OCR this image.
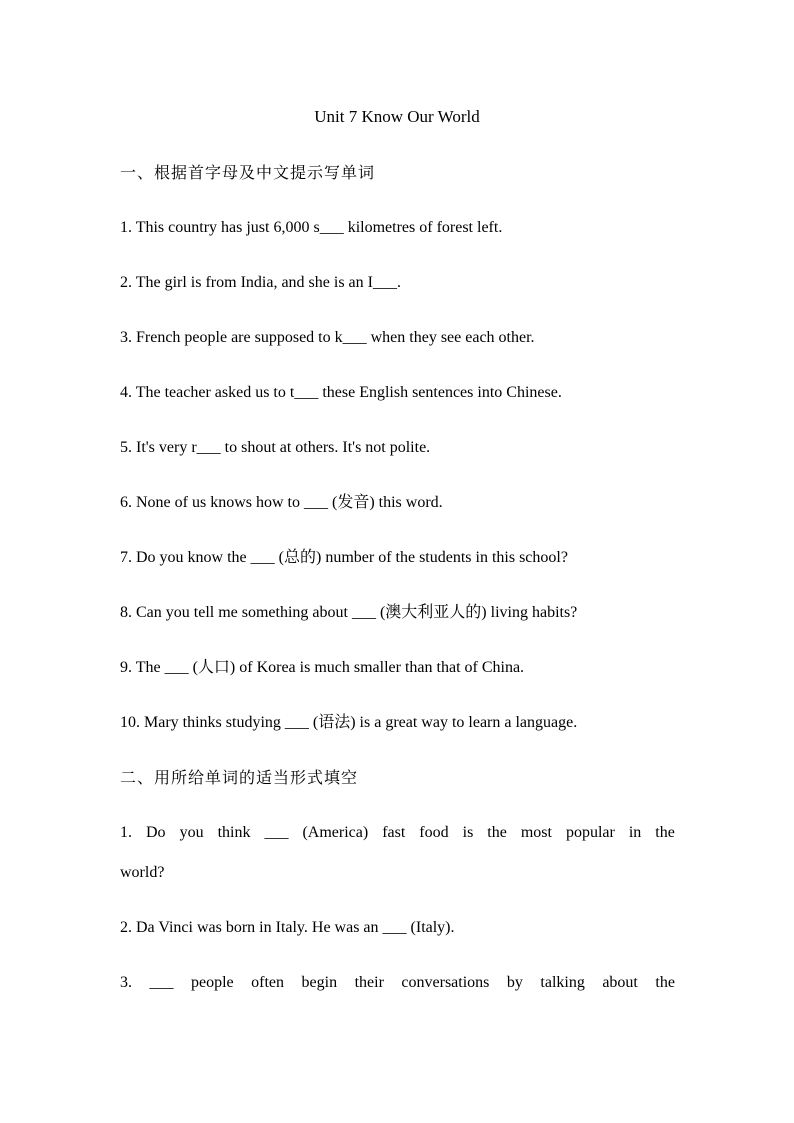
Unit 7 Know Our World
一、根据首字母及中文提示写单词
1. This country has just 6,000 s___ kilometres of forest left.
2. The girl is from India, and she is an I___.
3. French people are supposed to k___ when they see each other.
4. The teacher asked us to t___ these English sentences into Chinese.
5. It's very r___ to shout at others. It's not polite.
6. None of us knows how to ___ (发音) this word.
7. Do you know the ___ (总的) number of the students in this school?
8. Can you tell me something about ___ (澳大利亚人的) living habits?
9. The ___ (人口) of Korea is much smaller than that of China.
10. Mary thinks studying ___ (语法) is a great way to learn a language.
二、用所给单词的适当形式填空
1. Do you think ___ (America) fast food is the most popular in the
world?
2. Da Vinci was born in Italy. He was an ___ (Italy).
3. ___ people often begin their conversations by talking about the
